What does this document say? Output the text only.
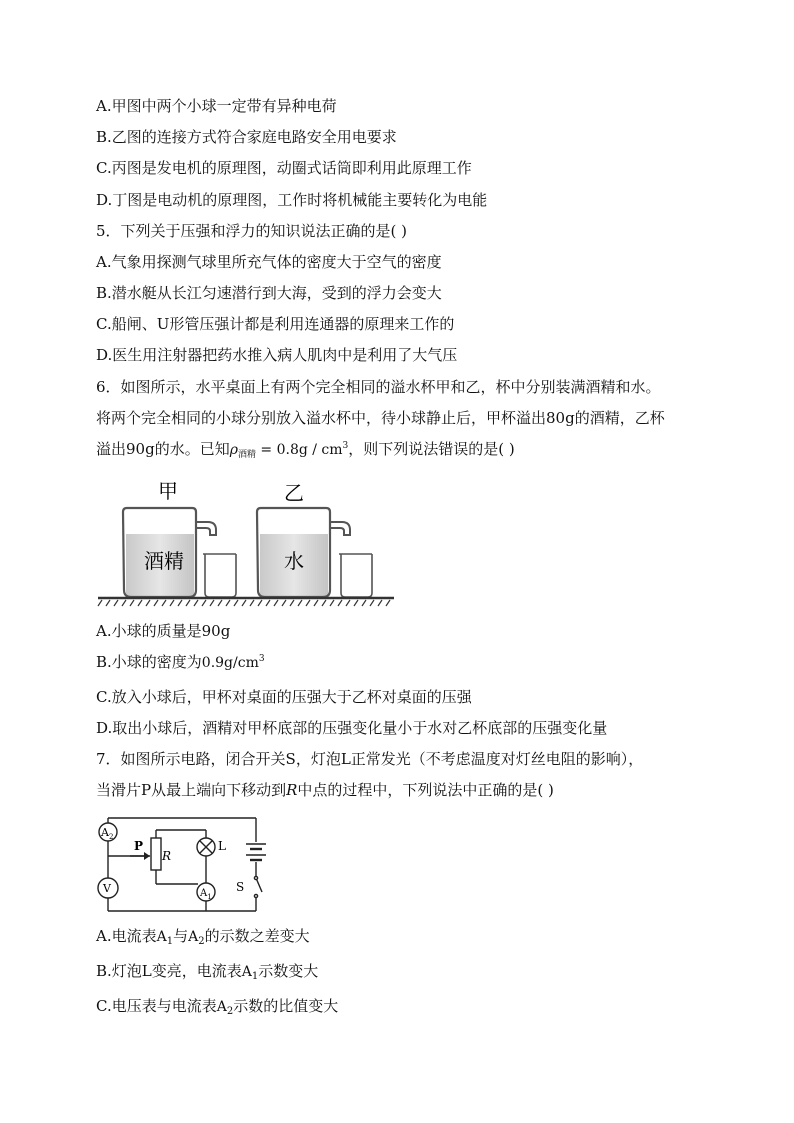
A.甲图中两个小球一定带有异种电荷
B.乙图的连接方式符合家庭电路安全用电要求
C.丙图是发电机的原理图，动圈式话筒即利用此原理工作
D.丁图是电动机的原理图，工作时将机械能主要转化为电能
5．下列关于压强和浮力的知识说法正确的是( )
A.气象用探测气球里所充气体的密度大于空气的密度
B.潜水艇从长江匀速潜行到大海，受到的浮力会变大
C.船闸、U形管压强计都是利用连通器的原理来工作的
D.医生用注射器把药水推入病人肌肉中是利用了大气压
6．如图所示，水平桌面上有两个完全相同的溢水杯甲和乙，杯中分别装满酒精和水。
将两个完全相同的小球分别放入溢水杯中，待小球静止后，甲杯溢出80g的酒精，乙杯
溢出90g的水。已知$\rho_{酒精} = 0.8g / cm^3$，则下列说法错误的是( )
甲	乙
酒精	水
A.小球的质量是90g
B.小球的密度为$0.9g/cm^3$
C.放入小球后，甲杯对桌面的压强大于乙杯对桌面的压强
D.取出小球后，酒精对甲杯底部的压强变化量小于水对乙杯底部的压强变化量
7．如图所示电路，闭合开关S，灯泡L正常发光（不考虑温度对灯丝电阻的影响），
当滑片P从最上端向下移动到R中点的过程中，下列说法中正确的是( )
$A_2$
P
R
L
V	$A_1$
S
A.电流表$A_1$与$A_2$的示数之差变大
B.灯泡L变亮，电流表$A_1$示数变大
C.电压表与电流表$A_2$示数的比值变大
